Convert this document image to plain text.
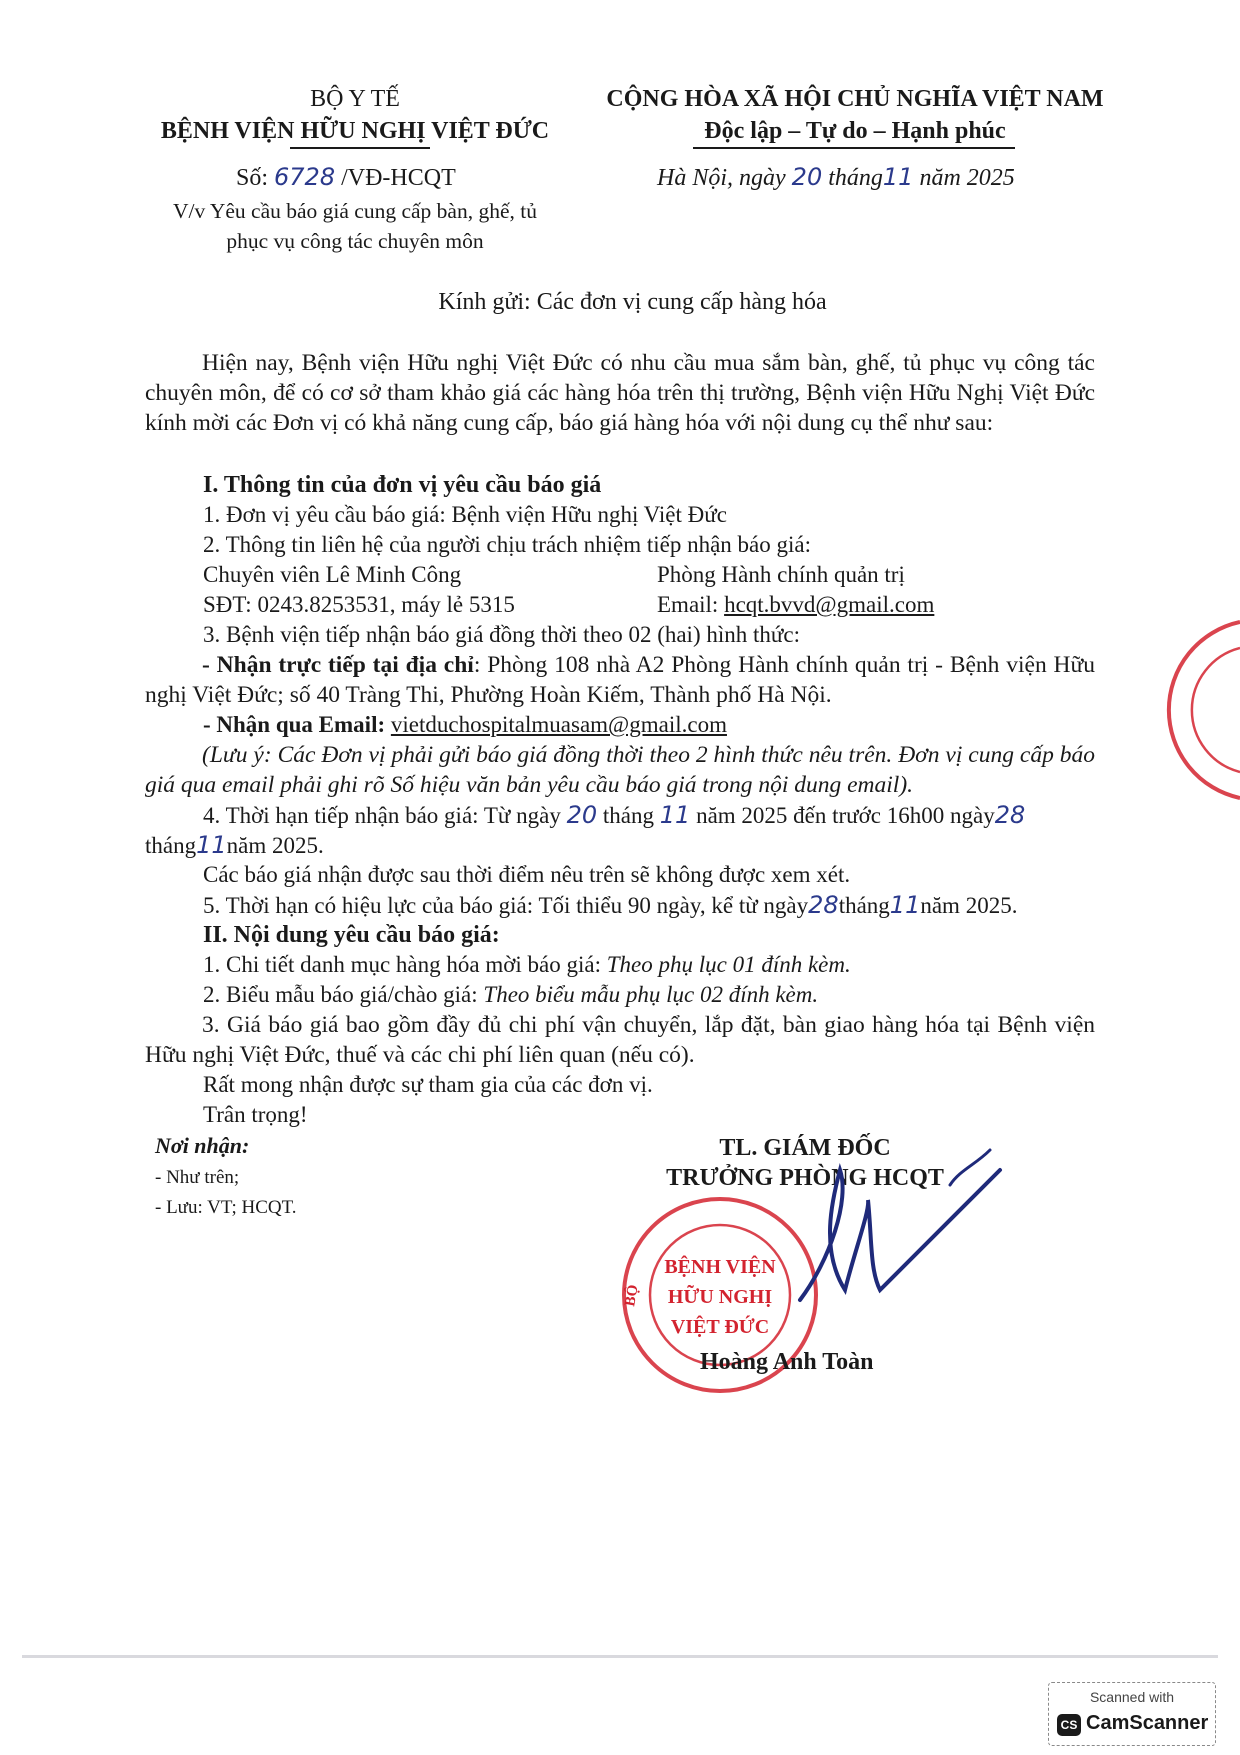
BỘ Y TẾ
BỆNH VIỆN HỮU NGHỊ VIỆT ĐỨC
Số: 6728 /VĐ-HCQT
V/v Yêu cầu báo giá cung cấp bàn, ghế, tủ
phục vụ công tác chuyên môn
CỘNG HÒA XÃ HỘI CHỦ NGHĨA VIỆT NAM
Độc lập – Tự do – Hạnh phúc
Hà Nội, ngày 20 tháng11 năm 2025
Kính gửi: Các đơn vị cung cấp hàng hóa

Hiện nay, Bệnh viện Hữu nghị Việt Đức có nhu cầu mua sắm bàn, ghế, tủ phục vụ công tác chuyên môn, để có cơ sở tham khảo giá các hàng hóa trên thị trường, Bệnh viện Hữu Nghị Việt Đức kính mời các Đơn vị có khả năng cung cấp, báo giá hàng hóa với nội dung cụ thể như sau:

I. Thông tin của đơn vị yêu cầu báo giá
1. Đơn vị yêu cầu báo giá: Bệnh viện Hữu nghị Việt Đức
2. Thông tin liên hệ của người chịu trách nhiệm tiếp nhận báo giá:
Chuyên viên Lê Minh Công	Phòng Hành chính quản trị
SĐT: 0243.8253531, máy lẻ 5315	Email: hcqt.bvvd@gmail.com
3. Bệnh viện tiếp nhận báo giá đồng thời theo 02 (hai) hình thức:

- Nhận trực tiếp tại địa chỉ: Phòng 108 nhà A2 Phòng Hành chính quản trị - Bệnh viện Hữu nghị Việt Đức; số 40 Tràng Thi, Phường Hoàn Kiếm, Thành phố Hà Nội.

- Nhận qua Email: vietduchospitalmuasam@gmail.com

(Lưu ý: Các Đơn vị phải gửi báo giá đồng thời theo 2 hình thức nêu trên. Đơn vị cung cấp báo giá qua email phải ghi rõ Số hiệu văn bản yêu cầu báo giá trong nội dung email).

4. Thời hạn tiếp nhận báo giá: Từ ngày 20 tháng 11 năm 2025 đến trước 16h00 ngày28
tháng11năm 2025.
Các báo giá nhận được sau thời điểm nêu trên sẽ không được xem xét.
5. Thời hạn có hiệu lực của báo giá: Tối thiểu 90 ngày, kể từ ngày28tháng11năm 2025.
II. Nội dung yêu cầu báo giá:
1. Chi tiết danh mục hàng hóa mời báo giá: Theo phụ lục 01 đính kèm.
2. Biểu mẫu báo giá/chào giá: Theo biểu mẫu phụ lục 02 đính kèm.

3. Giá báo giá bao gồm đầy đủ chi phí vận chuyển, lắp đặt, bàn giao hàng hóa tại Bệnh viện Hữu nghị Việt Đức, thuế và các chi phí liên quan (nếu có).

Rất mong nhận được sự tham gia của các đơn vị.
Trân trọng!
Nơi nhận:
- Như trên;
- Lưu: VT; HCQT.
TL. GIÁM ĐỐC
TRƯỞNG PHÒNG HCQT
BỘ
BỆNH VIỆN
HỮU NGHỊ
VIỆT ĐỨC
Hoàng Anh Toàn
Scanned with
CS CamScanner
